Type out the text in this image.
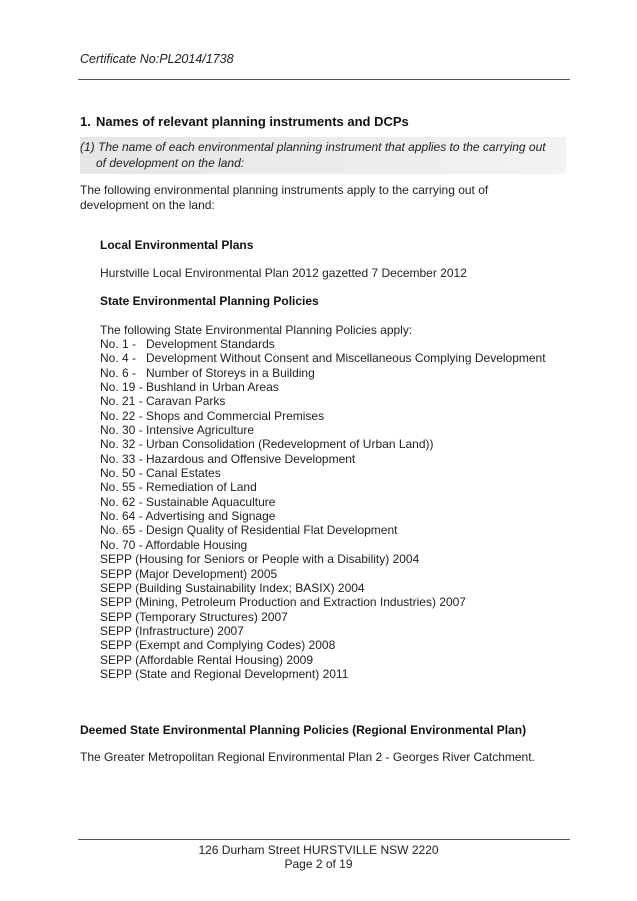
Certificate No:PL2014/1738
1. Names of relevant planning instruments and DCPs
(1) The name of each environmental planning instrument that applies to the carrying out
of development on the land:
The following environmental planning instruments apply to the carrying out of
development on the land:
Local Environmental Plans
Hurstville Local Environmental Plan 2012 gazetted 7 December 2012
State Environmental Planning Policies
The following State Environmental Planning Policies apply:
No. 1 -   Development Standards
No. 4 -   Development Without Consent and Miscellaneous Complying Development
No. 6 -   Number of Storeys in a Building
No. 19 - Bushland in Urban Areas
No. 21 - Caravan Parks
No. 22 - Shops and Commercial Premises
No. 30 - Intensive Agriculture
No. 32 - Urban Consolidation (Redevelopment of Urban Land))
No. 33 - Hazardous and Offensive Development
No. 50 - Canal Estates
No. 55 - Remediation of Land
No. 62 - Sustainable Aquaculture
No. 64 - Advertising and Signage
No. 65 - Design Quality of Residential Flat Development
No. 70 - Affordable Housing
SEPP (Housing for Seniors or People with a Disability) 2004
SEPP (Major Development) 2005
SEPP (Building Sustainability Index; BASIX) 2004
SEPP (Mining, Petroleum Production and Extraction Industries) 2007
SEPP (Temporary Structures) 2007
SEPP (Infrastructure) 2007
SEPP (Exempt and Complying Codes) 2008
SEPP (Affordable Rental Housing) 2009
SEPP (State and Regional Development) 2011
Deemed State Environmental Planning Policies (Regional Environmental Plan)
The Greater Metropolitan Regional Environmental Plan 2 - Georges River Catchment.
126 Durham Street HURSTVILLE NSW 2220
Page 2 of 19
